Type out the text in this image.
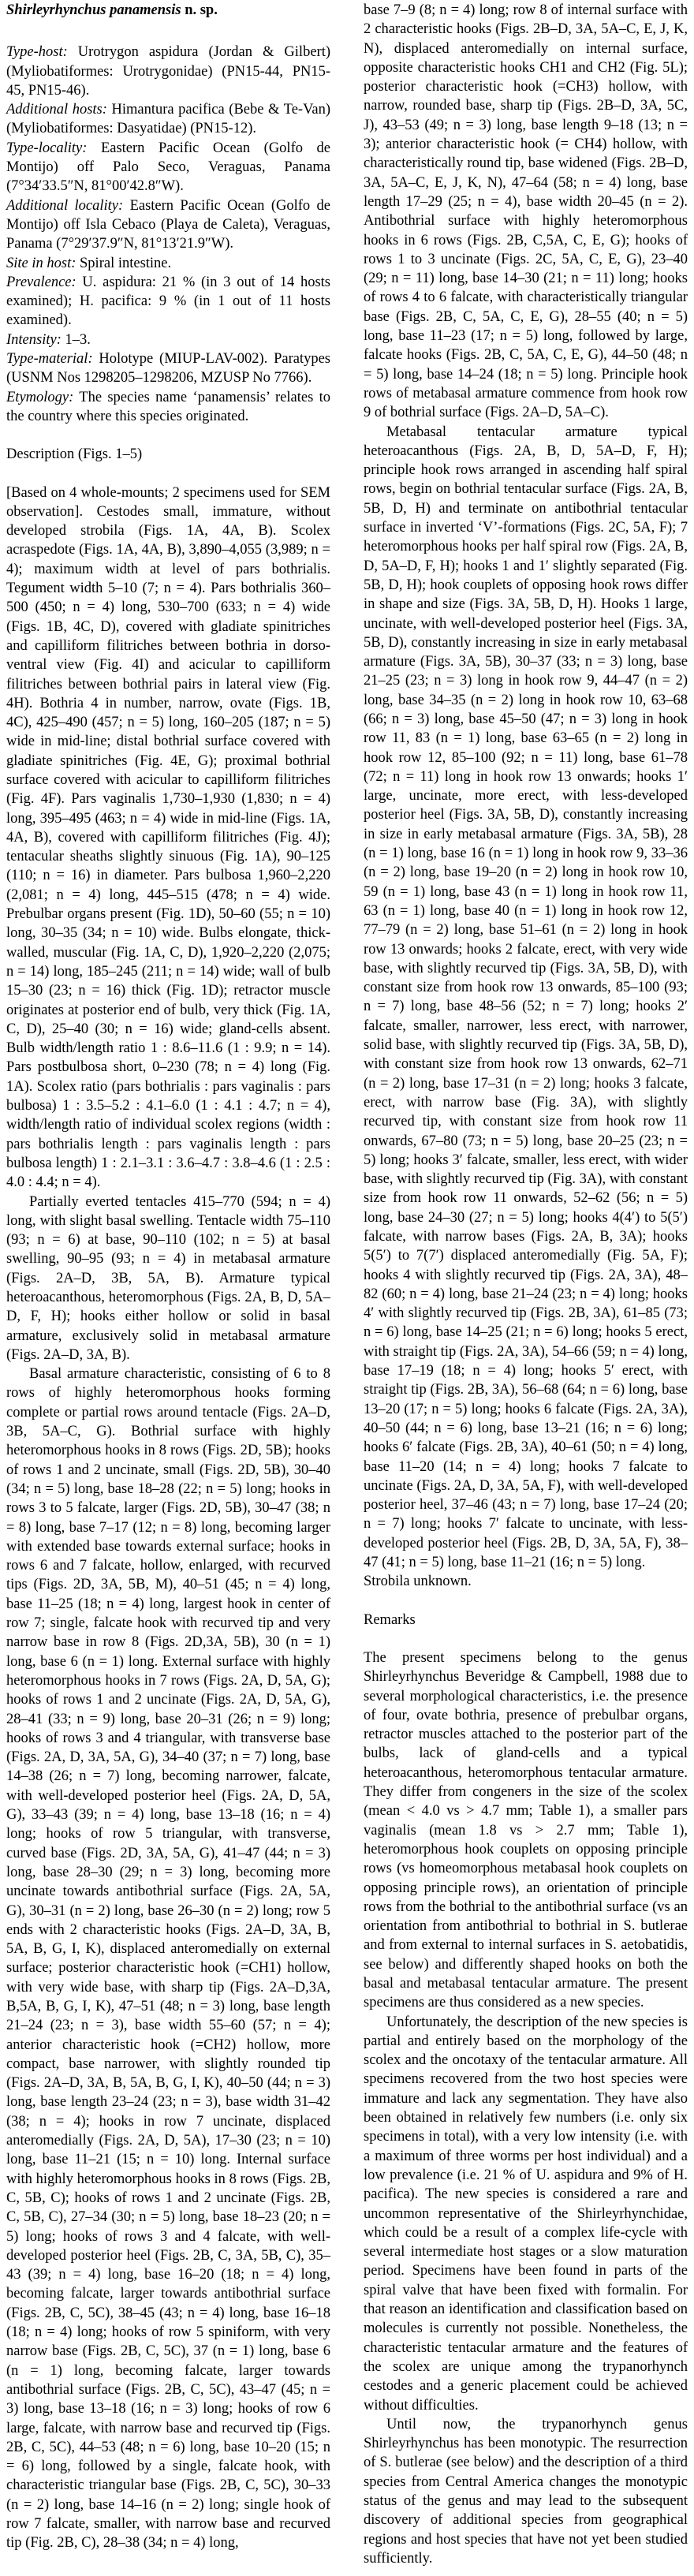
Shirleyrhynchus panamensis n. sp.

Type-host: Urotrygon aspidura (Jordan & Gilbert) (Myliobatiformes: Urotrygonidae) (PN15-44, PN15-45, PN15-46).

Additional hosts: Himantura pacifica (Bebe & Te-Van) (Myliobatiformes: Dasyatidae) (PN15-12).

Type-locality: Eastern Pacific Ocean (Golfo de Montijo) off Palo Seco, Veraguas, Panama (7°34′33.5″N, 81°00′42.8″W).

Additional locality: Eastern Pacific Ocean (Golfo de Montijo) off Isla Cebaco (Playa de Caleta), Veraguas, Panama (7°29′37.9″N, 81°13′21.9″W).

Site in host: Spiral intestine.

Prevalence: U. aspidura: 21 % (in 3 out of 14 hosts examined); H. pacifica: 9 % (in 1 out of 11 hosts examined).

Intensity: 1–3.

Type-material: Holotype (MIUP-LAV-002). Paratypes (USNM Nos 1298205–1298206, MZUSP No 7766).

Etymology: The species name ‘panamensis’ relates to the country where this species originated.

Description (Figs. 1–5)

[Based on 4 whole-mounts; 2 specimens used for SEM observation]. Cestodes small, immature, without developed strobila (Figs. 1A, 4A, B). Scolex acraspedote (Figs. 1A, 4A, B), 3,890–4,055 (3,989; n = 4); maximum width at level of pars bothrialis. Tegument width 5–10 (7; n = 4). Pars bothrialis 360–500 (450; n = 4) long, 530–700 (633; n = 4) wide (Figs. 1B, 4C, D), covered with gladiate spinitriches and capilliform filitriches between bothria in dorso-ventral view (Fig. 4I) and acicular to capilliform filitriches between bothrial pairs in lateral view (Fig. 4H). Bothria 4 in number, narrow, ovate (Figs. 1B, 4C), 425–490 (457; n = 5) long, 160–205 (187; n = 5) wide in mid-line; distal bothrial surface covered with gladiate spinitriches (Fig. 4E, G); proximal bothrial surface covered with acicular to capilliform filitriches (Fig. 4F). Pars vaginalis 1,730–1,930 (1,830; n = 4) long, 395–495 (463; n = 4) wide in mid-line (Figs. 1A, 4A, B), covered with capilliform filitriches (Fig. 4J); tentacular sheaths slightly sinuous (Fig. 1A), 90–125 (110; n = 16) in diameter. Pars bulbosa 1,960–2,220 (2,081; n = 4) long, 445–515 (478; n = 4) wide. Prebulbar organs present (Fig. 1D), 50–60 (55; n = 10) long, 30–35 (34; n = 10) wide. Bulbs elongate, thick-walled, muscular (Fig. 1A, C, D), 1,920–2,220 (2,075; n = 14) long, 185–245 (211; n = 14) wide; wall of bulb 15–30 (23; n = 16) thick (Fig. 1D); retractor muscle originates at posterior end of bulb, very thick (Fig. 1A, C, D), 25–40 (30; n = 16) wide; gland-cells absent. Bulb width/length ratio 1 : 8.6–11.6 (1 : 9.9; n = 14). Pars postbulbosa short, 0–230 (78; n = 4) long (Fig. 1A). Scolex ratio (pars bothrialis : pars vaginalis : pars bulbosa) 1 : 3.5–5.2 : 4.1–6.0 (1 : 4.1 : 4.7; n = 4), width/length ratio of individual scolex regions (width : pars bothrialis length : pars vaginalis length : pars bulbosa length) 1 : 2.1–3.1 : 3.6–4.7 : 3.8–4.6 (1 : 2.5 : 4.0 : 4.4; n = 4).

Partially everted tentacles 415–770 (594; n = 4) long, with slight basal swelling. Tentacle width 75–110 (93; n = 6) at base, 90–110 (102; n = 5) at basal swelling, 90–95 (93; n = 4) in metabasal armature (Figs. 2A–D, 3B, 5A, B). Armature typical heteroacanthous, heteromorphous (Figs. 2A, B, D, 5A–D, F, H); hooks either hollow or solid in basal armature, exclusively solid in metabasal armature (Figs. 2A–D, 3A, B).

Basal armature characteristic, consisting of 6 to 8 rows of highly heteromorphous hooks forming complete or partial rows around tentacle (Figs. 2A–D, 3B, 5A–C, G). Bothrial surface with highly heteromorphous hooks in 8 rows (Figs. 2D, 5B); hooks of rows 1 and 2 uncinate, small (Figs. 2D, 5B), 30–40 (34; n = 5) long, base 18–28 (22; n = 5) long; hooks in rows 3 to 5 falcate, larger (Figs. 2D, 5B), 30–47 (38; n = 8) long, base 7–17 (12; n = 8) long, becoming larger with extended base towards external surface; hooks in rows 6 and 7 falcate, hollow, enlarged, with recurved tips (Figs. 2D, 3A, 5B, M), 40–51 (45; n = 4) long, base 11–25 (18; n = 4) long, largest hook in center of row 7; single, falcate hook with recurved tip and very narrow base in row 8 (Figs. 2D,3A, 5B), 30 (n = 1) long, base 6 (n = 1) long. External surface with highly heteromorphous hooks in 7 rows (Figs. 2A, D, 5A, G); hooks of rows 1 and 2 uncinate (Figs. 2A, D, 5A, G), 28–41 (33; n = 9) long, base 20–31 (26; n = 9) long; hooks of rows 3 and 4 triangular, with transverse base (Figs. 2A, D, 3A, 5A, G), 34–40 (37; n = 7) long, base 14–38 (26; n = 7) long, becoming narrower, falcate, with well-developed posterior heel (Figs. 2A, D, 5A, G), 33–43 (39; n = 4) long, base 13–18 (16; n = 4) long; hooks of row 5 triangular, with transverse, curved base (Figs. 2D, 3A, 5A, G), 41–47 (44; n = 3) long, base 28–30 (29; n = 3) long, becoming more uncinate towards antibothrial surface (Figs. 2A, 5A, G), 30–31 (n = 2) long, base 26–30 (n = 2) long; row 5 ends with 2 characteristic hooks (Figs. 2A–D, 3A, B, 5A, B, G, I, K), displaced anteromedially on external surface; posterior characteristic hook (=CH1) hollow, with very wide base, with sharp tip (Figs. 2A–D,3A, B,5A, B, G, I, K), 47–51 (48; n = 3) long, base length 21–24 (23; n = 3), base width 55–60 (57; n = 4); anterior characteristic hook (=CH2) hollow, more compact, base narrower, with slightly rounded tip (Figs. 2A–D, 3A, B, 5A, B, G, I, K), 40–50 (44; n = 3) long, base length 23–24 (23; n = 3), base width 31–42 (38; n = 4); hooks in row 7 uncinate, displaced anteromedially (Figs. 2A, D, 5A), 17–30 (23; n = 10) long, base 11–21 (15; n = 10) long. Internal surface with highly heteromorphous hooks in 8 rows (Figs. 2B, C, 5B, C); hooks of rows 1 and 2 uncinate (Figs. 2B, C, 5B, C), 27–34 (30; n = 5) long, base 18–23 (20; n = 5) long; hooks of rows 3 and 4 falcate, with well-developed posterior heel (Figs. 2B, C, 3A, 5B, C), 35–43 (39; n = 4) long, base 16–20 (18; n = 4) long, becoming falcate, larger towards antibothrial surface (Figs. 2B, C, 5C), 38–45 (43; n = 4) long, base 16–18 (18; n = 4) long; hooks of row 5 spiniform, with very narrow base (Figs. 2B, C, 5C), 37 (n = 1) long, base 6 (n = 1) long, becoming falcate, larger towards antibothrial surface (Figs. 2B, C, 5C), 43–47 (45; n = 3) long, base 13–18 (16; n = 3) long; hooks of row 6 large, falcate, with narrow base and recurved tip (Figs. 2B, C, 5C), 44–53 (48; n = 6) long, base 10–20 (15; n = 6) long, followed by a single, falcate hook, with characteristic triangular base (Figs. 2B, C, 5C), 30–33 (n = 2) long, base 14–16 (n = 2) long; single hook of row 7 falcate, smaller, with narrow base and recurved tip (Fig. 2B, C), 28–38 (34; n = 4) long,

base 7–9 (8; n = 4) long; row 8 of internal surface with 2 characteristic hooks (Figs. 2B–D, 3A, 5A–C, E, J, K, N), displaced anteromedially on internal surface, opposite characteristic hooks CH1 and CH2 (Fig. 5L); posterior characteristic hook (=CH3) hollow, with narrow, rounded base, sharp tip (Figs. 2B–D, 3A, 5C, J), 43–53 (49; n = 3) long, base length 9–18 (13; n = 3); anterior characteristic hook (= CH4) hollow, with characteristically round tip, base widened (Figs. 2B–D, 3A, 5A–C, E, J, K, N), 47–64 (58; n = 4) long, base length 17–29 (25; n = 4), base width 20–45 (n = 2). Antibothrial surface with highly heteromorphous hooks in 6 rows (Figs. 2B, C,5A, C, E, G); hooks of rows 1 to 3 uncinate (Figs. 2C, 5A, C, E, G), 23–40 (29; n = 11) long, base 14–30 (21; n = 11) long; hooks of rows 4 to 6 falcate, with characteristically triangular base (Figs. 2B, C, 5A, C, E, G), 28–55 (40; n = 5) long, base 11–23 (17; n = 5) long, followed by large, falcate hooks (Figs. 2B, C, 5A, C, E, G), 44–50 (48; n = 5) long, base 14–24 (18; n = 5) long. Principle hook rows of metabasal armature commence from hook row 9 of bothrial surface (Figs. 2A–D, 5A–C).

Metabasal tentacular armature typical heteroacanthous (Figs. 2A, B, D, 5A–D, F, H); principle hook rows arranged in ascending half spiral rows, begin on bothrial tentacular surface (Figs. 2A, B, 5B, D, H) and terminate on antibothrial tentacular surface in inverted ‘V’-formations (Figs. 2C, 5A, F); 7 heteromorphous hooks per half spiral row (Figs. 2A, B, D, 5A–D, F, H); hooks 1 and 1′ slightly separated (Fig. 5B, D, H); hook couplets of opposing hook rows differ in shape and size (Figs. 3A, 5B, D, H). Hooks 1 large, uncinate, with well-developed posterior heel (Figs. 3A, 5B, D), constantly increasing in size in early metabasal armature (Figs. 3A, 5B), 30–37 (33; n = 3) long, base 21–25 (23; n = 3) long in hook row 9, 44–47 (n = 2) long, base 34–35 (n = 2) long in hook row 10, 63–68 (66; n = 3) long, base 45–50 (47; n = 3) long in hook row 11, 83 (n = 1) long, base 63–65 (n = 2) long in hook row 12, 85–100 (92; n = 11) long, base 61–78 (72; n = 11) long in hook row 13 onwards; hooks 1′ large, uncinate, more erect, with less-developed posterior heel (Figs. 3A, 5B, D), constantly increasing in size in early metabasal armature (Figs. 3A, 5B), 28 (n = 1) long, base 16 (n = 1) long in hook row 9, 33–36 (n = 2) long, base 19–20 (n = 2) long in hook row 10, 59 (n = 1) long, base 43 (n = 1) long in hook row 11, 63 (n = 1) long, base 40 (n = 1) long in hook row 12, 77–79 (n = 2) long, base 51–61 (n = 2) long in hook row 13 onwards; hooks 2 falcate, erect, with very wide base, with slightly recurved tip (Figs. 3A, 5B, D), with constant size from hook row 13 onwards, 85–100 (93; n = 7) long, base 48–56 (52; n = 7) long; hooks 2′ falcate, smaller, narrower, less erect, with narrower, solid base, with slightly recurved tip (Figs. 3A, 5B, D), with constant size from hook row 13 onwards, 62–71 (n = 2) long, base 17–31 (n = 2) long; hooks 3 falcate, erect, with narrow base (Fig. 3A), with slightly recurved tip, with constant size from hook row 11 onwards, 67–80 (73; n = 5) long, base 20–25 (23; n = 5) long; hooks 3′ falcate, smaller, less erect, with wider base, with slightly recurved tip (Fig. 3A), with constant size from hook row 11 onwards, 52–62 (56; n = 5) long, base 24–30 (27; n = 5) long; hooks 4(4′) to 5(5′) falcate, with narrow bases (Figs. 2A, B, 3A); hooks 5(5′) to 7(7′) displaced anteromedially (Fig. 5A, F); hooks 4 with slightly recurved tip (Figs. 2A, 3A), 48–82 (60; n = 4) long, base 21–24 (23; n = 4) long; hooks 4′ with slightly recurved tip (Figs. 2B, 3A), 61–85 (73; n = 6) long, base 14–25 (21; n = 6) long; hooks 5 erect, with straight tip (Figs. 2A, 3A), 54–66 (59; n = 4) long, base 17–19 (18; n = 4) long; hooks 5′ erect, with straight tip (Figs. 2B, 3A), 56–68 (64; n = 6) long, base 13–20 (17; n = 5) long; hooks 6 falcate (Figs. 2A, 3A), 40–50 (44; n = 6) long, base 13–21 (16; n = 6) long; hooks 6′ falcate (Figs. 2B, 3A), 40–61 (50; n = 4) long, base 11–20 (14; n = 4) long; hooks 7 falcate to uncinate (Figs. 2A, D, 3A, 5A, F), with well-developed posterior heel, 37–46 (43; n = 7) long, base 17–24 (20; n = 7) long; hooks 7′ falcate to uncinate, with less-developed posterior heel (Figs. 2B, D, 3A, 5A, F), 38–47 (41; n = 5) long, base 11–21 (16; n = 5) long.

Strobila unknown.

Remarks

The present specimens belong to the genus Shirleyrhynchus Beveridge & Campbell, 1988 due to several morphological characteristics, i.e. the presence of four, ovate bothria, presence of prebulbar organs, retractor muscles attached to the posterior part of the bulbs, lack of gland-cells and a typical heteroacanthous, heteromorphous tentacular armature. They differ from congeners in the size of the scolex (mean < 4.0 vs > 4.7 mm; Table 1), a smaller pars vaginalis (mean 1.8 vs > 2.7 mm; Table 1), heteromorphous hook couplets on opposing principle rows (vs homeomorphous metabasal hook couplets on opposing principle rows), an orientation of principle rows from the bothrial to the antibothrial surface (vs an orientation from antibothrial to bothrial in S. butlerae and from external to internal surfaces in S. aetobatidis, see below) and differently shaped hooks on both the basal and metabasal tentacular armature. The present specimens are thus considered as a new species.

Unfortunately, the description of the new species is partial and entirely based on the morphology of the scolex and the oncotaxy of the tentacular armature. All specimens recovered from the two host species were immature and lack any segmentation. They have also been obtained in relatively few numbers (i.e. only six specimens in total), with a very low intensity (i.e. with a maximum of three worms per host individual) and a low prevalence (i.e. 21 % of U. aspidura and 9% of H. pacifica). The new species is considered a rare and uncommon representative of the Shirleyrhynchidae, which could be a result of a complex life-cycle with several intermediate host stages or a slow maturation period. Specimens have been found in parts of the spiral valve that have been fixed with formalin. For that reason an identification and classification based on molecules is currently not possible. Nonetheless, the characteristic tentacular armature and the features of the scolex are unique among the trypanorhynch cestodes and a generic placement could be achieved without difficulties.

Until now, the trypanorhynch genus Shirleyrhynchus has been monotypic. The resurrection of S. butlerae (see below) and the description of a third species from Central America changes the monotypic status of the genus and may lead to the subsequent discovery of additional species from geographical regions and host species that have not yet been studied sufficiently.
